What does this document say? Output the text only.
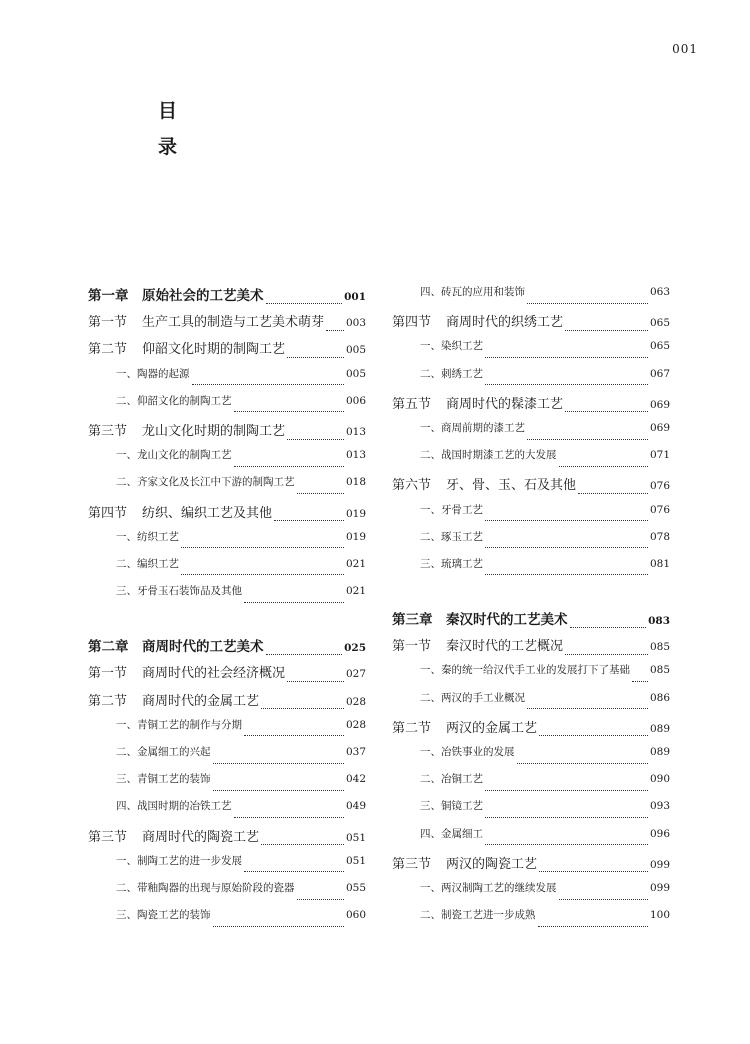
001
目
录
第一章	原始社会的工艺美术	001
第一节	生产工具的制造与工艺美术萌芽 003
第二节	仰韶文化时期的制陶工艺	005
一、 陶器的起源	005
二、 仰韶文化的制陶工艺	006
第三节	龙山文化时期的制陶工艺	013
一、 龙山文化的制陶工艺	013
二、 齐家文化及长江中下游的制陶工艺	018
第四节	纺织、编织工艺及其他	019
一、 纺织工艺	019
二、 编织工艺	021
三、 牙骨玉石装饰品及其他	021
第二章	商周时代的工艺美术	025
第一节	商周时代的社会经济概况	027
第二节	商周时代的金属工艺	028
一、 青铜工艺的制作与分期	028
二、 金属细工的兴起	037
三、 青铜工艺的装饰	042
四、 战国时期的冶铁工艺	049
第三节	商周时代的陶瓷工艺	051
一、 制陶工艺的进一步发展	051
二、 带釉陶器的出现与原始阶段的瓷器	055
三、 陶瓷工艺的装饰	060
四、 砖瓦的应用和装饰	063
第四节	商周时代的织绣工艺	065
一、 染织工艺	065
二、 刺绣工艺	067
第五节	商周时代的髹漆工艺	069
一、 商周前期的漆工艺	069
二、 战国时期漆工艺的大发展	071
第六节	牙、骨、玉、石及其他	076
一、 牙骨工艺	076
二、 琢玉工艺	078
三、 琉璃工艺	081
第三章	秦汉时代的工艺美术	083
第一节	秦汉时代的工艺概况	085
一、 秦的统一给汉代手工业的发展打下了基础 085
二、 两汉的手工业概况	086
第二节	两汉的金属工艺	089
一、 冶铁事业的发展	089
二、 冶铜工艺	090
三、 铜镜工艺	093
四、 金属细工	096
第三节	两汉的陶瓷工艺	099
一、 两汉制陶工艺的继续发展	099
二、 制瓷工艺进一步成熟	100
